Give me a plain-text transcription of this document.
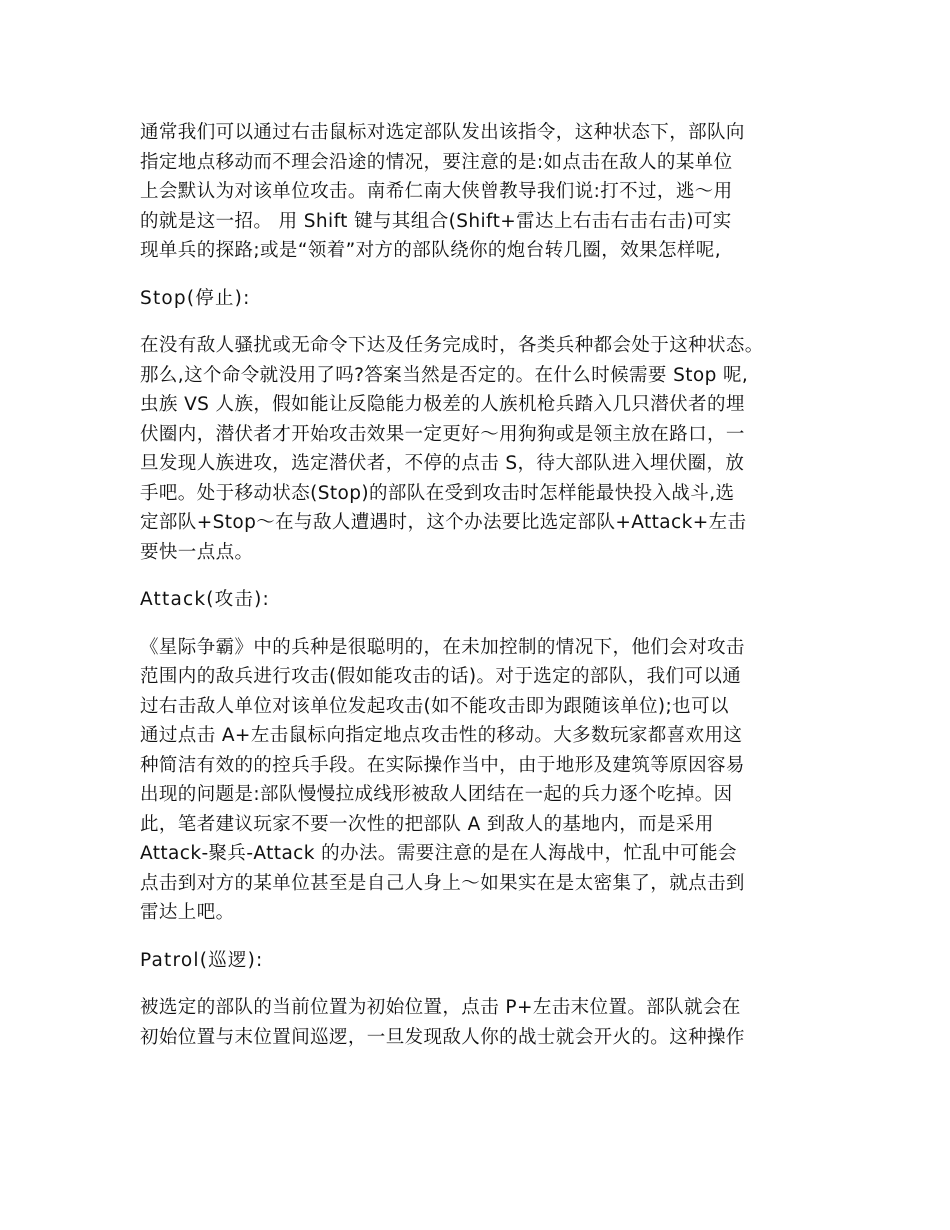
通常我们可以通过右击鼠标对选定部队发出该指令，这种状态下，部队向
指定地点移动而不理会沿途的情况，要注意的是:如点击在敌人的某单位
上会默认为对该单位攻击。南希仁南大侠曾教导我们说:打不过，逃～用
的就是这一招。 用 Shift 键与其组合(Shift+雷达上右击右击右击)可实
现单兵的探路;或是“领着”对方的部队绕你的炮台转几圈，效果怎样呢,
Stop(停止):
在没有敌人骚扰或无命令下达及任务完成时，各类兵种都会处于这种状态。
那么,这个命令就没用了吗?答案当然是否定的。在什么时候需要 Stop 呢,
虫族 VS 人族，假如能让反隐能力极差的人族机枪兵踏入几只潜伏者的埋
伏圈内，潜伏者才开始攻击效果一定更好～用狗狗或是领主放在路口，一
旦发现人族进攻，选定潜伏者，不停的点击 S，待大部队进入埋伏圈，放
手吧。处于移动状态(Stop)的部队在受到攻击时怎样能最快投入战斗,选
定部队+Stop～在与敌人遭遇时，这个办法要比选定部队+Attack+左击
要快一点点。
Attack(攻击):
《星际争霸》中的兵种是很聪明的，在未加控制的情况下，他们会对攻击
范围内的敌兵进行攻击(假如能攻击的话)。对于选定的部队，我们可以通
过右击敌人单位对该单位发起攻击(如不能攻击即为跟随该单位);也可以
通过点击 A+左击鼠标向指定地点攻击性的移动。大多数玩家都喜欢用这
种简洁有效的的控兵手段。在实际操作当中，由于地形及建筑等原因容易
出现的问题是:部队慢慢拉成线形被敌人团结在一起的兵力逐个吃掉。因
此，笔者建议玩家不要一次性的把部队 A 到敌人的基地内，而是采用
Attack-聚兵-Attack 的办法。需要注意的是在人海战中，忙乱中可能会
点击到对方的某单位甚至是自己人身上～如果实在是太密集了，就点击到
雷达上吧。
Patrol(巡逻):
被选定的部队的当前位置为初始位置，点击 P+左击末位置。部队就会在
初始位置与末位置间巡逻，一旦发现敌人你的战士就会开火的。这种操作
